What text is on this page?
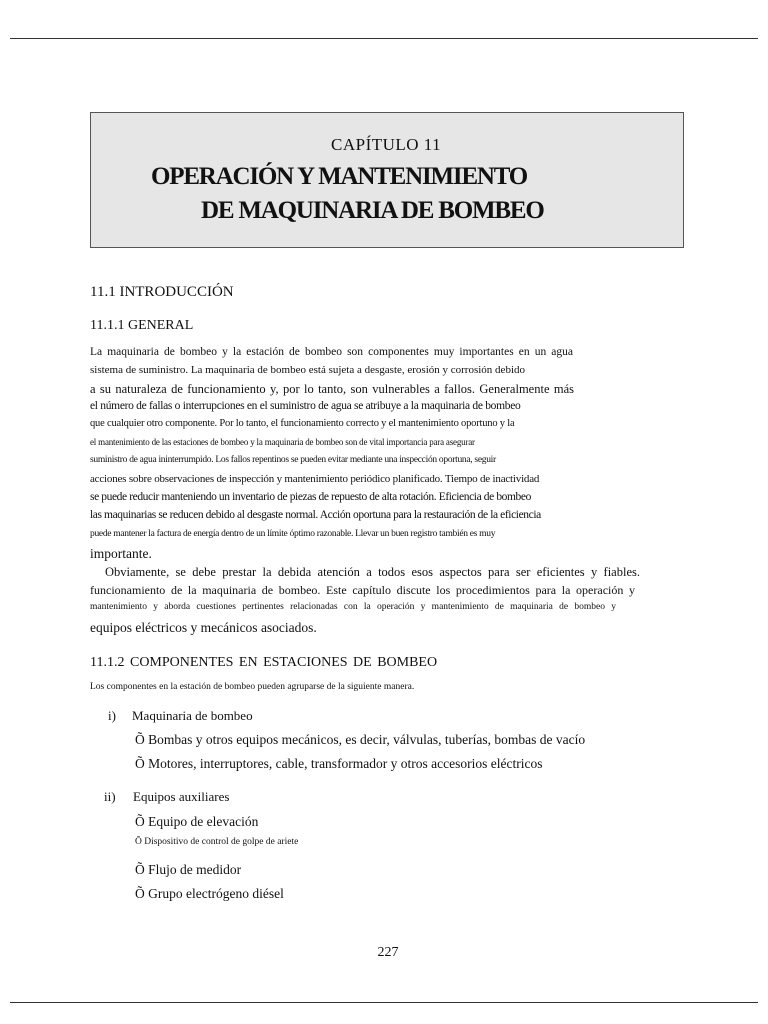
CAPÍTULO 11
OPERACIÓN Y MANTENIMIENTO
DE MAQUINARIA DE BOMBEO
11.1 INTRODUCCIÓN
11.1.1 GENERAL
La maquinaria de bombeo y la estación de bombeo son componentes muy importantes en un agua
sistema de suministro. La maquinaria de bombeo está sujeta a desgaste, erosión y corrosión debido
a su naturaleza de funcionamiento y, por lo tanto, son vulnerables a fallos. Generalmente más
el número de fallas o interrupciones en el suministro de agua se atribuye a la maquinaria de bombeo
que cualquier otro componente. Por lo tanto, el funcionamiento correcto y el mantenimiento oportuno y la
el mantenimiento de las estaciones de bombeo y la maquinaria de bombeo son de vital importancia para asegurar
suministro de agua ininterrumpido. Los fallos repentinos se pueden evitar mediante una inspección oportuna, seguir
acciones sobre observaciones de inspección y mantenimiento periódico planificado. Tiempo de inactividad
se puede reducir manteniendo un inventario de piezas de repuesto de alta rotación. Eficiencia de bombeo
las maquinarias se reducen debido al desgaste normal. Acción oportuna para la restauración de la eficiencia
puede mantener la factura de energía dentro de un límite óptimo razonable. Llevar un buen registro también es muy
importante.
Obviamente, se debe prestar la debida atención a todos esos aspectos para ser eficientes y fiables.
funcionamiento de la maquinaria de bombeo. Este capítulo discute los procedimientos para la operación y
mantenimiento y aborda cuestiones pertinentes relacionadas con la operación y mantenimiento de maquinaria de bombeo y
equipos eléctricos y mecánicos asociados.
11.1.2 COMPONENTES EN ESTACIONES DE BOMBEO
Los componentes en la estación de bombeo pueden agruparse de la siguiente manera.
i) Maquinaria de bombeo
Õ Bombas y otros equipos mecánicos, es decir, válvulas, tuberías, bombas de vacío
Õ Motores, interruptores, cable, transformador y otros accesorios eléctricos
ii) Equipos auxiliares
Õ Equipo de elevación
Õ Dispositivo de control de golpe de ariete
Õ Flujo de medidor
Õ Grupo electrógeno diésel
227
